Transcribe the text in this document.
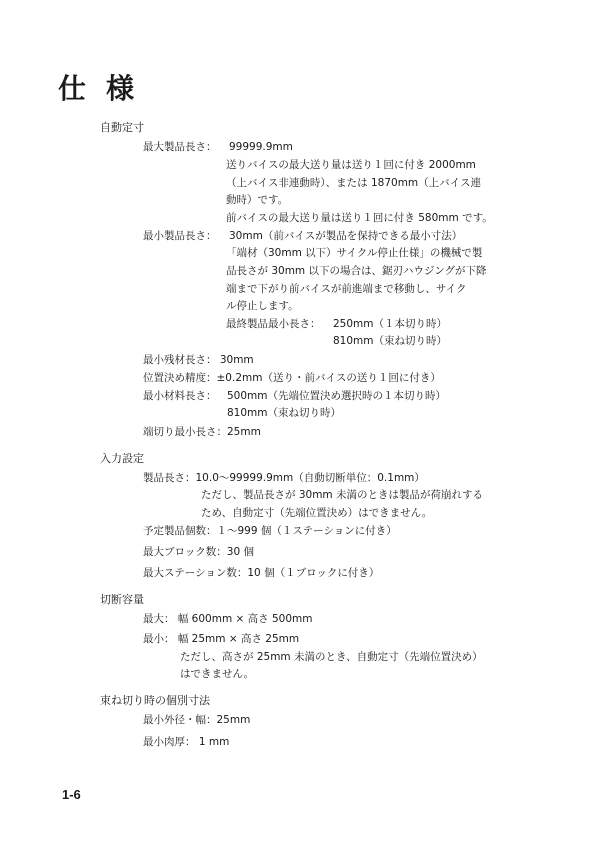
仕様
自動定寸
最大製品長さ： 99999.9mm
送りバイスの最大送り量は送り１回に付き 2000mm
（上バイス非連動時）、または 1870mm（上バイス連
動時）です。
前バイスの最大送り量は送り１回に付き 580mm です。
最小製品長さ： 30mm（前バイスが製品を保持できる最小寸法）
「端材（30mm 以下）サイクル停止仕様」の機械で製
品長さが 30mm 以下の場合は、鋸刃ハウジングが下降
端まで下がり前バイスが前進端まで移動し、サイク
ル停止します。
最終製品最小長さ： 250mm（１本切り時）
810mm（束ね切り時）
最小残材長さ： 30mm
位置決め精度：±0.2mm（送り・前バイスの送り１回に付き）
最小材料長さ： 500mm（先端位置決め選択時の１本切り時）
810mm（束ね切り時）
端切り最小長さ：25mm
入力設定
製品長さ：10.0～99999.9mm（自動切断単位：0.1mm）
ただし、製品長さが 30mm 未満のときは製品が荷崩れする
ため、自動定寸（先端位置決め）はできません。
予定製品個数：１～999 個（１ステーションに付き）
最大ブロック数：30 個
最大ステーション数：10 個（１ブロックに付き）
切断容量
最大： 幅 600mm × 高さ 500mm
最小： 幅 25mm × 高さ 25mm
ただし、高さが 25mm 未満のとき、自動定寸（先端位置決め）
はできません。
束ね切り時の個別寸法
最小外径・幅：25mm
最小肉厚： 1 mm
1-6
